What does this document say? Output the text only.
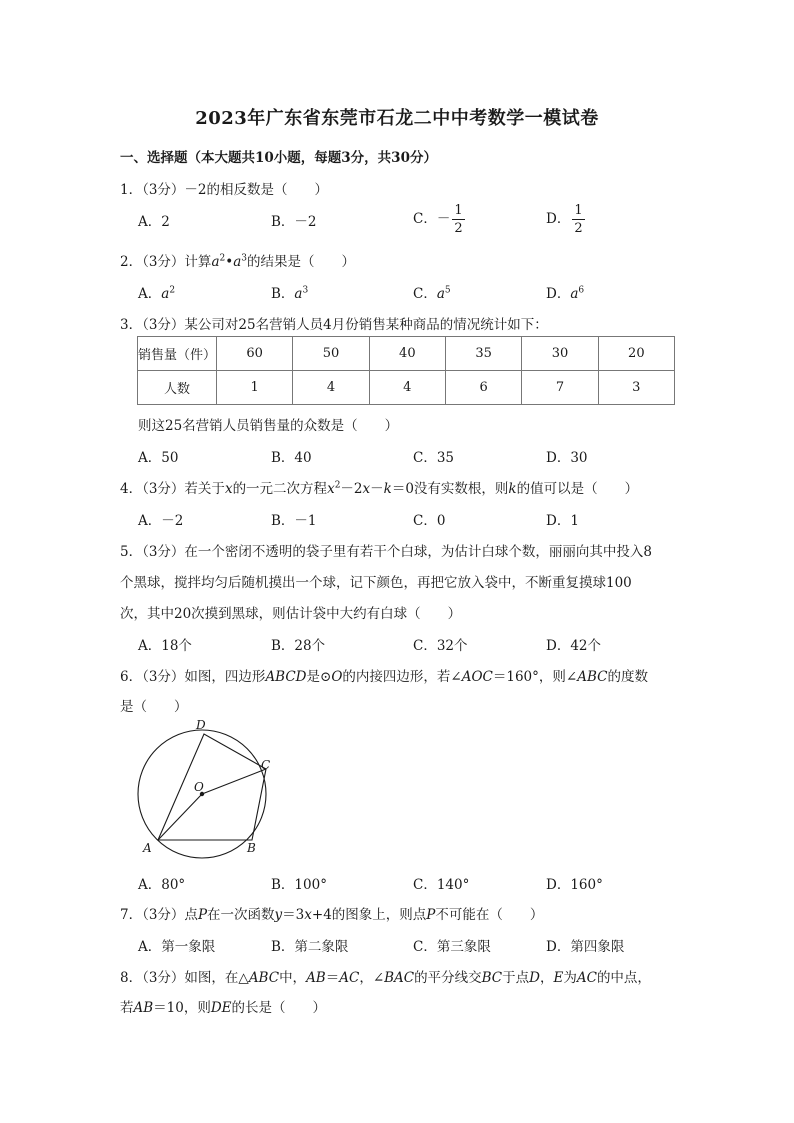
2023年广东省东莞市石龙二中中考数学一模试卷
一、选择题（本大题共10小题，每题3分，共30分）
1．（3分）－2的相反数是（　　）
A．2	B．－2	C．－ $\frac{1}{2}$	D． $\frac{1}{2}$
2．（3分）计算$a^2•a^3$的结果是（　　）
A．$a^2$	B．$a^3$	C．$a^5$	D．$a^6$
3．（3分）某公司对25名营销人员4月份销售某种商品的情况统计如下：
销售量（件）	60	50	40	35	30	20
人数	1	4	4	6	7	3
则这25名营销人员销售量的众数是（　　）
A．50	B．40	C．35	D．30
4．（3分）若关于x的一元二次方程$x^2-2x-k=0$没有实数根，则k的值可以是（　　）
A．－2	B．－1	C．0	D．1
5．（3分）在一个密闭不透明的袋子里有若干个白球，为估计白球个数，丽丽向其中投入8
个黑球，搅拌均匀后随机摸出一个球，记下颜色，再把它放入袋中，不断重复摸球100
次，其中20次摸到黑球，则估计袋中大约有白球（　　）
A．18个	B．28个	C．32个	D．42个
6．（3分）如图，四边形ABCD是⊙O的内接四边形，若∠AOC＝160°，则∠ABC的度数
是（　　）
D
C
O
A	B
A．80°	B．100°	C．140°	D．160°
7．（3分）点P在一次函数y＝3x+4的图象上，则点P不可能在（　　）
A．第一象限	B．第二象限	C．第三象限	D．第四象限
8．（3分）如图，在△ABC中，AB＝AC，∠BAC的平分线交BC于点D，E为AC的中点，
若AB＝10，则DE的长是（　　）
